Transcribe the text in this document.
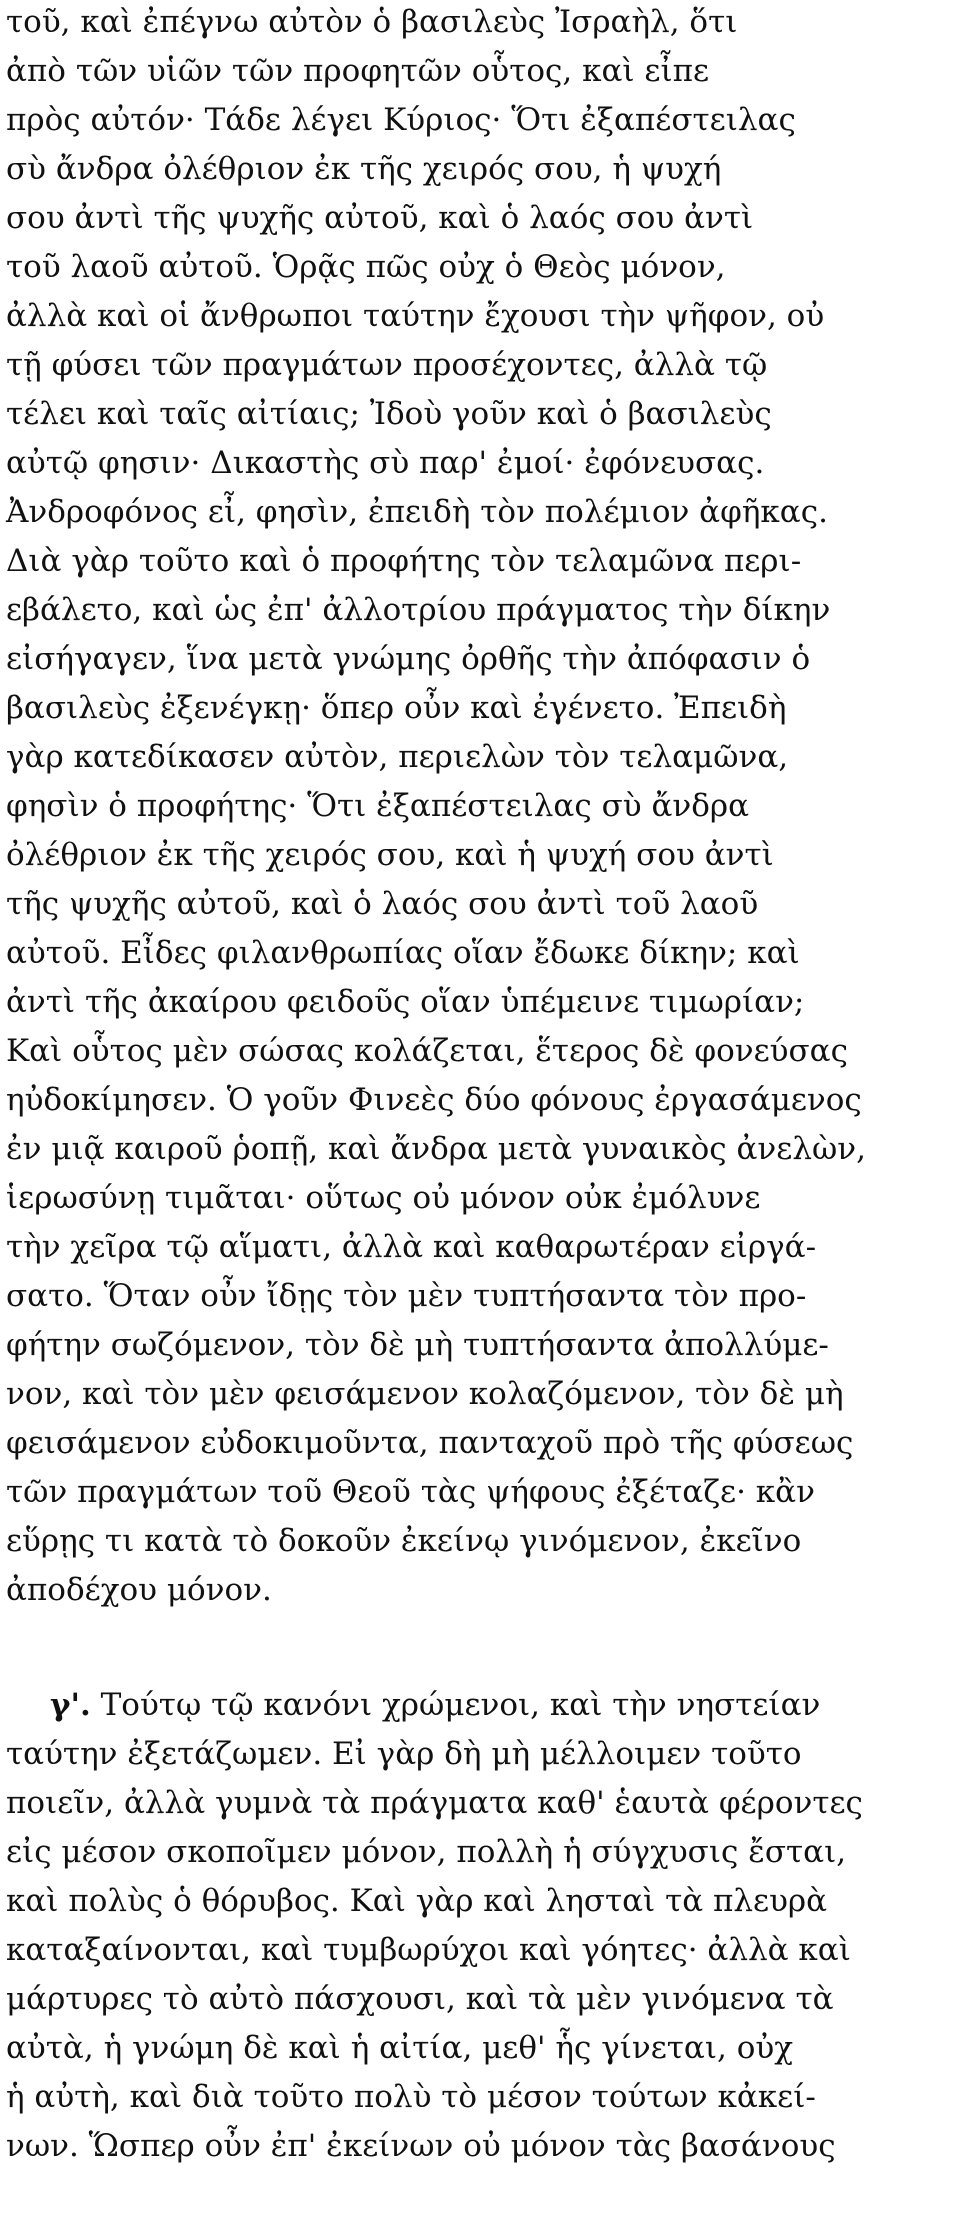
τοῦ, καὶ ἐπέγνω αὐτὸν ὁ βασιλεὺς Ἰσραὴλ, ὅτι
ἀπὸ τῶν υἱῶν τῶν προφητῶν οὗτος, καὶ εἶπε
πρὸς αὐτόν· Τάδε λέγει Κύριος· Ὅτι ἐξαπέστειλας
σὺ ἄνδρα ὀλέθριον ἐκ τῆς χειρός σου, ἡ ψυχή
σου ἀντὶ τῆς ψυχῆς αὐτοῦ, καὶ ὁ λαός σου ἀντὶ
τοῦ λαοῦ αὐτοῦ. Ὁρᾷς πῶς οὐχ ὁ Θεὸς μόνον,
ἀλλὰ καὶ οἱ ἄνθρωποι ταύτην ἔχουσι τὴν ψῆφον, οὐ
τῇ φύσει τῶν πραγμάτων προσέχοντες, ἀλλὰ τῷ
τέλει καὶ ταῖς αἰτίαις; Ἰδοὺ γοῦν καὶ ὁ βασιλεὺς
αὐτῷ φησιν· Δικαστὴς σὺ παρ' ἐμοί· ἐφόνευσας.
Ἀνδροφόνος εἶ, φησὶν, ἐπειδὴ τὸν πολέμιον ἀφῆκας.
Διὰ γὰρ τοῦτο καὶ ὁ προφήτης τὸν τελαμῶνα περι-
εβάλετο, καὶ ὡς ἐπ' ἀλλοτρίου πράγματος τὴν δίκην
εἰσήγαγεν, ἵνα μετὰ γνώμης ὀρθῆς τὴν ἀπόφασιν ὁ
βασιλεὺς ἐξενέγκῃ· ὅπερ οὖν καὶ ἐγένετο. Ἐπειδὴ
γὰρ κατεδίκασεν αὐτὸν, περιελὼν τὸν τελαμῶνα,
φησὶν ὁ προφήτης· Ὅτι ἐξαπέστειλας σὺ ἄνδρα
ὀλέθριον ἐκ τῆς χειρός σου, καὶ ἡ ψυχή σου ἀντὶ
τῆς ψυχῆς αὐτοῦ, καὶ ὁ λαός σου ἀντὶ τοῦ λαοῦ
αὐτοῦ. Εἶδες φιλανθρωπίας οἵαν ἔδωκε δίκην; καὶ
ἀντὶ τῆς ἀκαίρου φειδοῦς οἵαν ὑπέμεινε τιμωρίαν;
Καὶ οὗτος μὲν σώσας κολάζεται, ἕτερος δὲ φονεύσας
ηὐδοκίμησεν. Ὁ γοῦν Φινεὲς δύο φόνους ἐργασάμενος
ἐν μιᾷ καιροῦ ῥοπῇ, καὶ ἄνδρα μετὰ γυναικὸς ἀνελὼν,
ἱερωσύνῃ τιμᾶται· οὕτως οὐ μόνον οὐκ ἐμόλυνε
τὴν χεῖρα τῷ αἵματι, ἀλλὰ καὶ καθαρωτέραν εἰργά-
σατο. Ὅταν οὖν ἴδῃς τὸν μὲν τυπτήσαντα τὸν προ-
φήτην σωζόμενον, τὸν δὲ μὴ τυπτήσαντα ἀπολλύμε-
νον, καὶ τὸν μὲν φεισάμενον κολαζόμενον, τὸν δὲ μὴ
φεισάμενον εὐδοκιμοῦντα, πανταχοῦ πρὸ τῆς φύσεως
τῶν πραγμάτων τοῦ Θεοῦ τὰς ψήφους ἐξέταζε· κἂν
εὕρῃς τι κατὰ τὸ δοκοῦν ἐκείνῳ γινόμενον, ἐκεῖνο
ἀποδέχου μόνον.
γ'. Τούτῳ τῷ κανόνι χρώμενοι, καὶ τὴν νηστείαν
ταύτην ἐξετάζωμεν. Εἰ γὰρ δὴ μὴ μέλλοιμεν τοῦτο
ποιεῖν, ἀλλὰ γυμνὰ τὰ πράγματα καθ' ἑαυτὰ φέροντες
εἰς μέσον σκοποῖμεν μόνον, πολλὴ ἡ σύγχυσις ἔσται,
καὶ πολὺς ὁ θόρυβος. Καὶ γὰρ καὶ λησταὶ τὰ πλευρὰ
καταξαίνονται, καὶ τυμβωρύχοι καὶ γόητες· ἀλλὰ καὶ
μάρτυρες τὸ αὐτὸ πάσχουσι, καὶ τὰ μὲν γινόμενα τὰ
αὐτὰ, ἡ γνώμη δὲ καὶ ἡ αἰτία, μεθ' ἧς γίνεται, οὐχ
ἡ αὐτὴ, καὶ διὰ τοῦτο πολὺ τὸ μέσον τούτων κἀκεί-
νων. Ὥσπερ οὖν ἐπ' ἐκείνων οὐ μόνον τὰς βασάνους
